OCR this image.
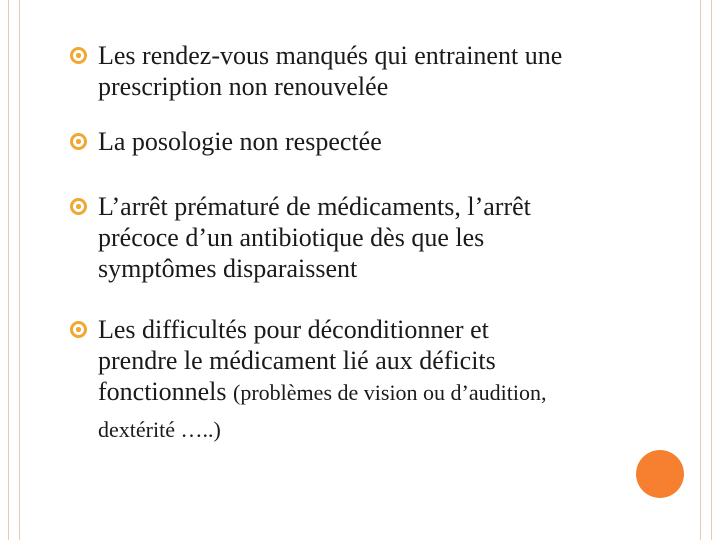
Les rendez-vous manqués qui entrainent une
prescription non renouvelée
La posologie non respectée
L’arrêt prématuré de médicaments, l’arrêt
précoce d’un antibiotique dès que les
symptômes disparaissent
Les difficultés pour déconditionner et
prendre le médicament lié aux déficits
fonctionnels (problèmes de vision ou d’audition,
dextérité …..)
